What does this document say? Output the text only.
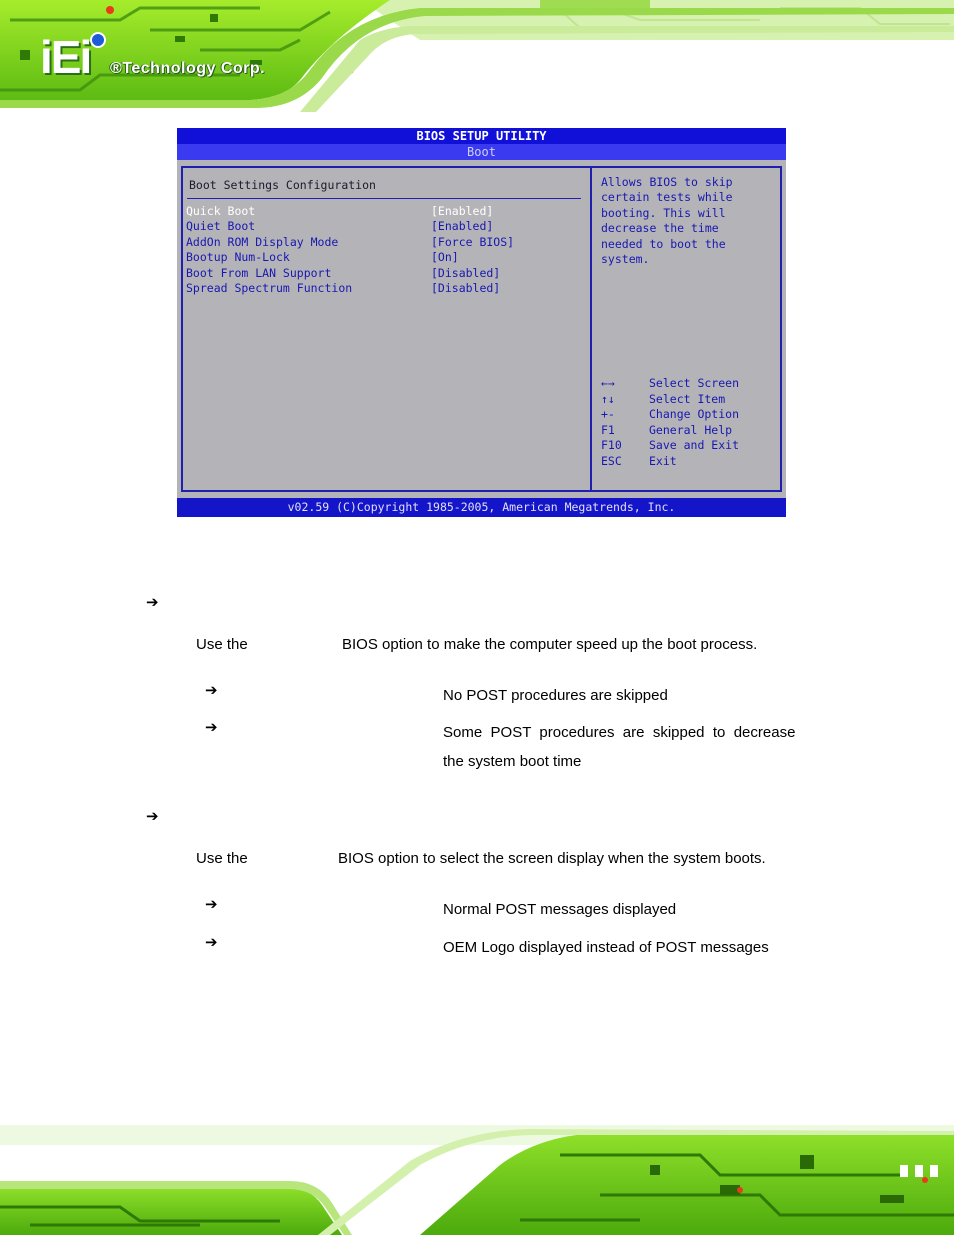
iEi ®Technology Corp.
BIOS SETUP UTILITY
Boot
Boot Settings Configuration
Quick Boot	[Enabled]
Quiet Boot	[Enabled]
AddOn ROM Display Mode	[Force BIOS]
Bootup Num-Lock	[On]
Boot From LAN Support	[Disabled]
Spread Spectrum Function	[Disabled]
Allows BIOS to skip
certain tests while
booting. This will
decrease the time
needed to boot the
system.
←→	Select Screen
↑↓	Select Item
+-	Change Option
F1	General Help
F10 Save and Exit
ESC Exit
v02.59 (C)Copyright 1985-2005, American Megatrends, Inc.
➔
Use the	BIOS option to make the computer speed up the boot process.
➔	No POST procedures are skipped
➔	Some  POST  procedures  are  skipped  to  decrease
the system boot time
➔
Use the	BIOS option to select the screen display when the system boots.
➔	Normal POST messages displayed
➔	OEM Logo displayed instead of POST messages
